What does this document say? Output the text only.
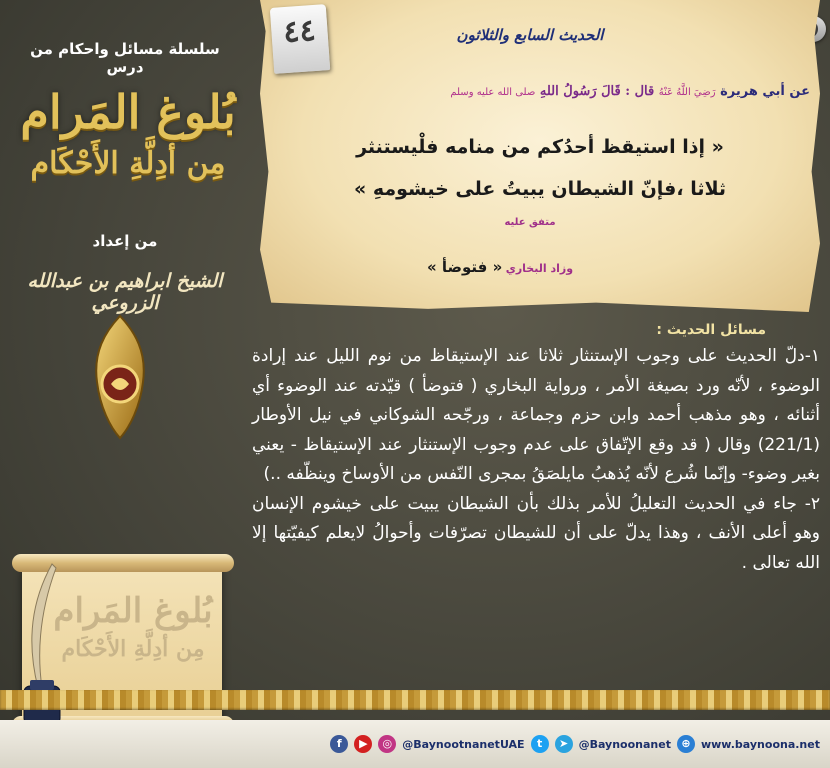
سلسلة مسائل واحكام من درس
بُلوغ المَرام
مِن أدِلَّةِ الأَحْكَام
من إعداد
الشيخ ابراهيم بن عبدالله الزروعي
بُلوغ المَرام
مِن أدِلَّةِ الأَحْكَام
٤٤	الحديث السابع والثلاثون
عن أبي هريرة رَضِيَ اللَّهُ عَنْهُ قال : قَالَ رَسُولُ اللهِ صلى الله عليه وسلم
« إذا استيقظ أحدُكم من منامه فلْيستنثر
ثلاثا ،فإنّ الشيطان يبيتُ على خيشومهِ »
متفق عليه
وزاد البخاري « فتوضأ »
مسائل الحديث :

١-دلّ الحديث على وجوب الإستنثار ثلاثا عند الإستيقاظ من نوم الليل عند إرادة الوضوء ، لأنّه ورد بصيغة الأمر ، ورواية البخاري ( فتوضأ ) قيّدته عند الوضوء أي أثنائه ، وهو مذهب أحمد وابن حزم وجماعة ، ورجّحه الشوكاني في نيل الأوطار (221/1) وقال ( قد وقع الإتّفاق على عدم وجوب الإستنثار عند الإستيقاظ - يعني بغير وضوء- وإنّما شُرع لأنّه يُذهبُ مايلصَقُ بمجرى النّفس من الأوساخ وينظّفه ..)

٢- جاء في الحديث التعليلُ للأمر بذلك بأن الشيطان يبيت على خيشوم الإنسان وهو أعلى الأنف ، وهذا يدلّ على أن للشيطان تصرّفات وأحوالُ لايعلم كيفيّتها إلا الله تعالى .

f	▶	◎ @BaynootnanetUAE	t	➤ @Baynoonanet ⊕ www.baynoona.net
